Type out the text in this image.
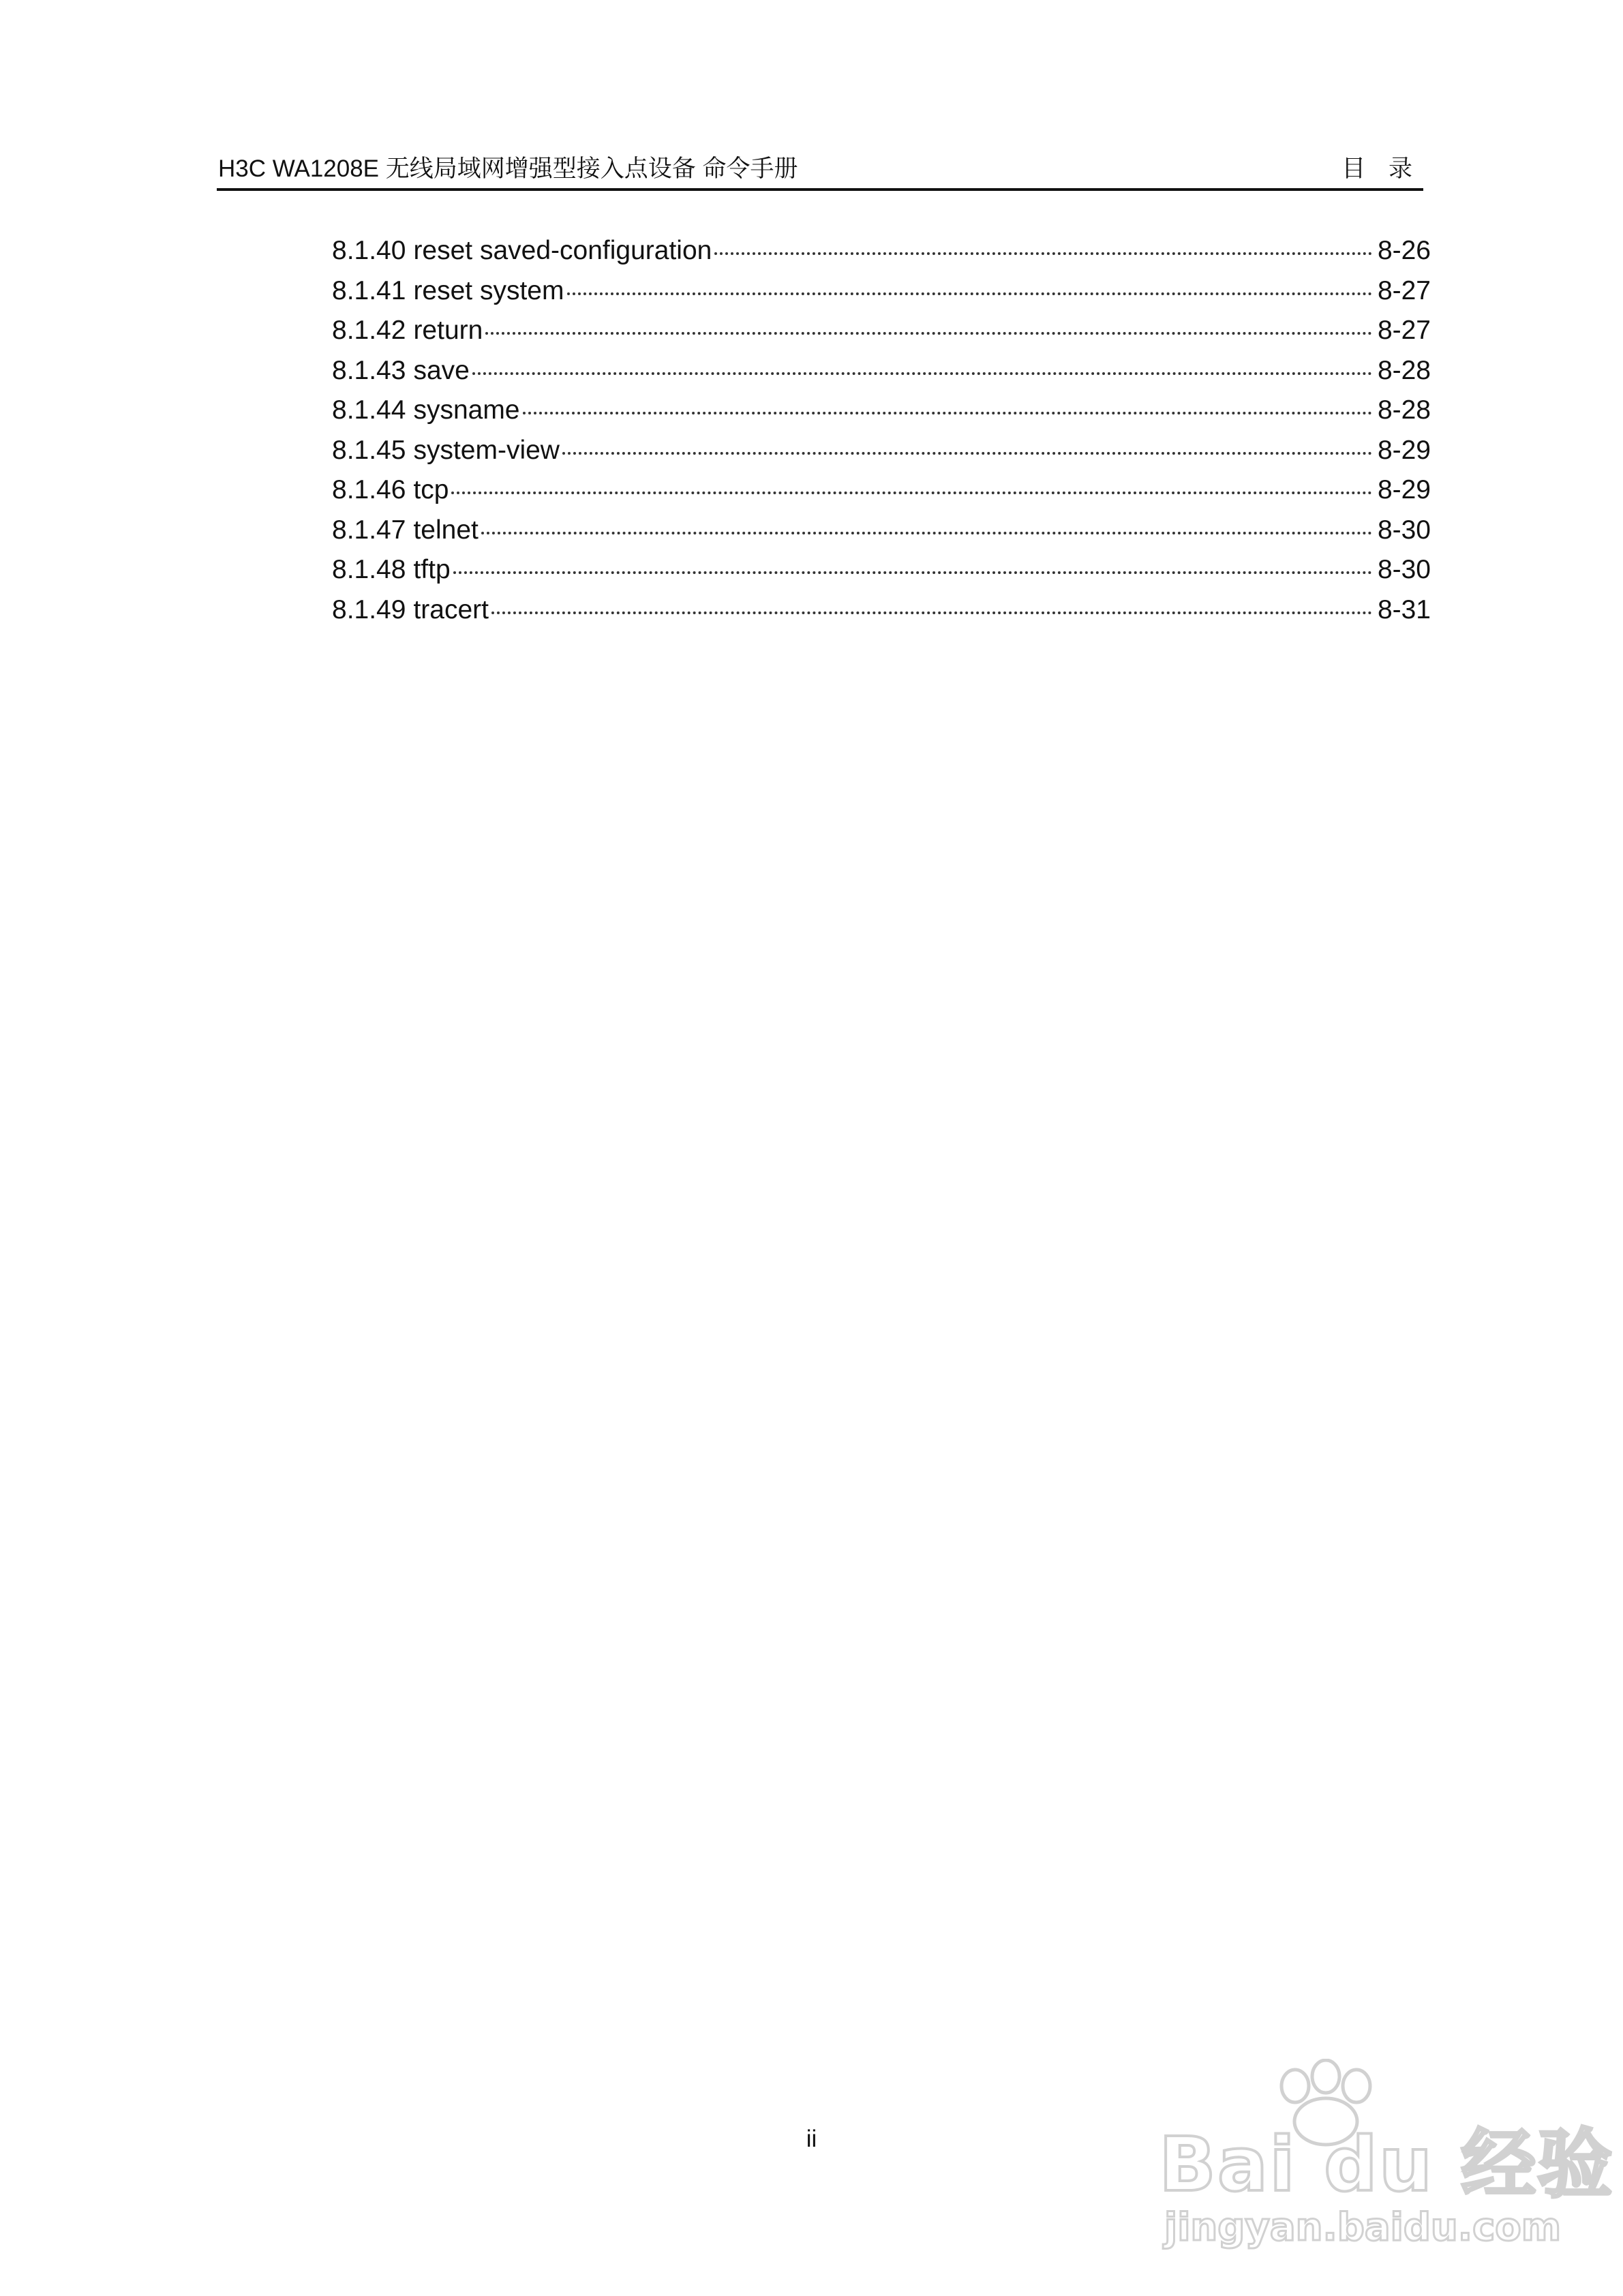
H3C WA1208E 无线局域网增强型接入点设备 命令手册	目 录
8.1.40 reset saved-configuration	8-26
8.1.41 reset system	8-27
8.1.42 return	8-27
8.1.43 save	8-28
8.1.44 sysname	8-28
8.1.45 system-view	8-29
8.1.46 tcp	8-29
8.1.47 telnet	8-30
8.1.48 tftp	8-30
8.1.49 tracert	8-31
ii	Bai du 经验
jingyan.baidu.com
